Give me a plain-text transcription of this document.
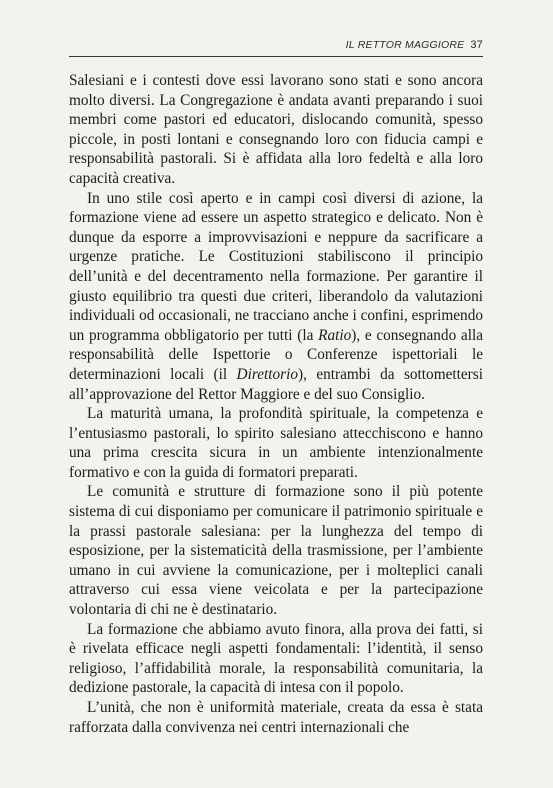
IL RETTOR MAGGIORE 37

Salesiani e i contesti dove essi lavorano sono stati e sono ancora molto diversi. La Congregazione è andata avanti preparando i suoi membri come pastori ed educatori, dislocando comunità, spesso piccole, in posti lontani e consegnando loro con fiducia campi e responsabilità pastorali. Si è affidata alla loro fedeltà e alla loro capacità creativa.

In uno stile così aperto e in campi così diversi di azione, la formazione viene ad essere un aspetto strategico e delicato. Non è dunque da esporre a improvvisazioni e neppure da sacrificare a urgenze pratiche. Le Costituzioni stabiliscono il principio dell’unità e del decentramento nella formazione. Per garantire il giusto equilibrio tra questi due criteri, liberandolo da valutazioni individuali od occasionali, ne tracciano anche i confini, esprimendo un programma obbligatorio per tutti (la Ratio), e consegnando alla responsabilità delle Ispettorie o Conferenze ispettoriali le determinazioni locali (il Direttorio), entrambi da sottomettersi all’approvazione del Rettor Maggiore e del suo Consiglio.

La maturità umana, la profondità spirituale, la competenza e l’entusiasmo pastorali, lo spirito salesiano attecchiscono e hanno una prima crescita sicura in un ambiente intenzionalmente formativo e con la guida di formatori preparati.

Le comunità e strutture di formazione sono il più potente sistema di cui disponiamo per comunicare il patrimonio spirituale e la prassi pastorale salesiana: per la lunghezza del tempo di esposizione, per la sistematicità della trasmissione, per l’ambiente umano in cui avviene la comunicazione, per i molteplici canali attraverso cui essa viene veicolata e per la partecipazione volontaria di chi ne è destinatario.

La formazione che abbiamo avuto finora, alla prova dei fatti, si è rivelata efficace negli aspetti fondamentali: l’identità, il senso religioso, l’affidabilità morale, la responsabilità comunitaria, la dedizione pastorale, la capacità di intesa con il popolo.

L’unità, che non è uniformità materiale, creata da essa è stata rafforzata dalla convivenza nei centri internazionali che
